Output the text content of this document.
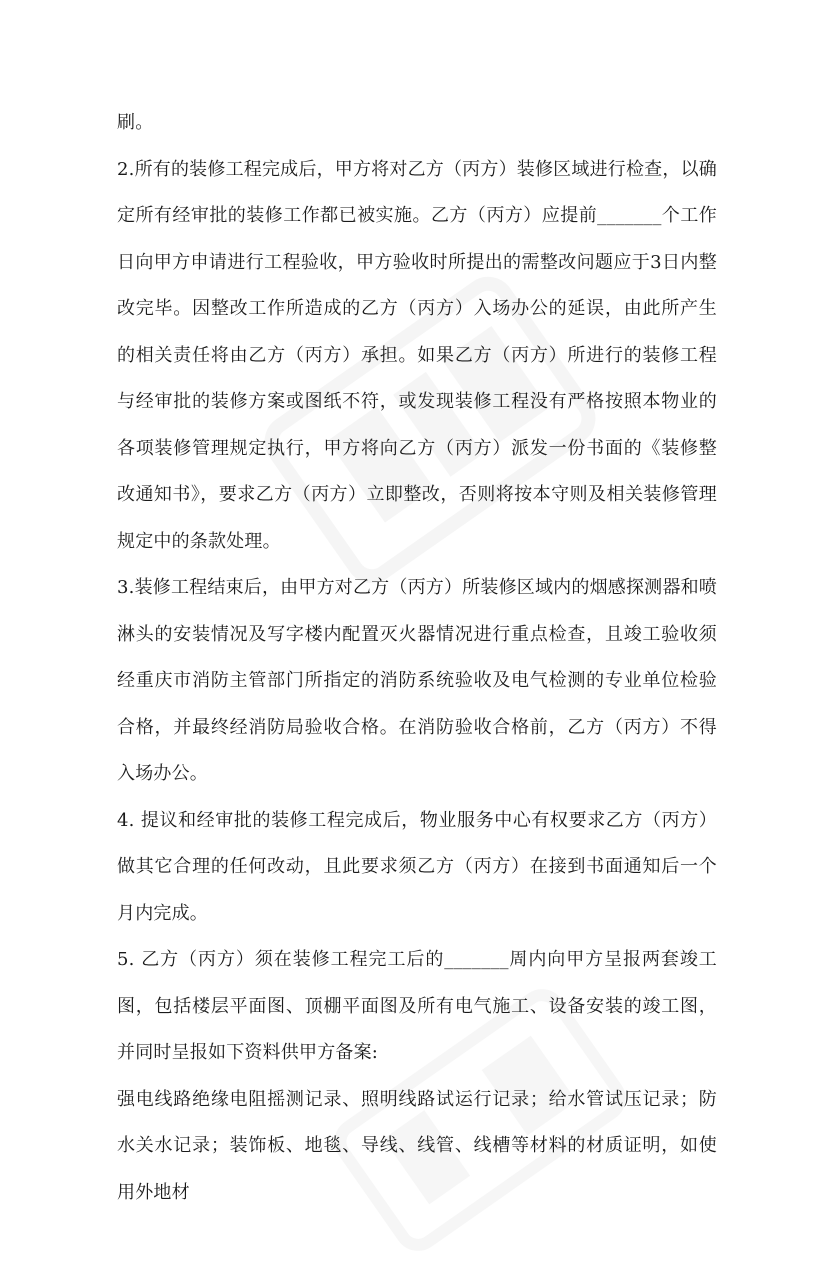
刷。

2.所有的装修工程完成后，甲方将对乙方（丙方）装修区域进行检查，以确定所有经审批的装修工作都已被实施。乙方（丙方）应提前_______个工作日向甲方申请进行工程验收，甲方验收时所提出的需整改问题应于3日内整改完毕。因整改工作所造成的乙方（丙方）入场办公的延误，由此所产生的相关责任将由乙方（丙方）承担。如果乙方（丙方）所进行的装修工程与经审批的装修方案或图纸不符，或发现装修工程没有严格按照本物业的各项装修管理规定执行，甲方将向乙方（丙方）派发一份书面的《装修整改通知书》，要求乙方（丙方）立即整改，否则将按本守则及相关装修管理规定中的条款处理。

3.装修工程结束后，由甲方对乙方（丙方）所装修区域内的烟感探测器和喷淋头的安装情况及写字楼内配置灭火器情况进行重点检查，且竣工验收须经重庆市消防主管部门所指定的消防系统验收及电气检测的专业单位检验合格，并最终经消防局验收合格。在消防验收合格前，乙方（丙方）不得入场办公。

4. 提议和经审批的装修工程完成后，物业服务中心有权要求乙方（丙方）做其它合理的任何改动，且此要求须乙方（丙方）在接到书面通知后一个月内完成。

5. 乙方（丙方）须在装修工程完工后的_______周内向甲方呈报两套竣工图，包括楼层平面图、顶棚平面图及所有电气施工、设备安装的竣工图，并同时呈报如下资料供甲方备案:

强电线路绝缘电阻摇测记录、照明线路试运行记录；给水管试压记录；防水关水记录；装饰板、地毯、导线、线管、线槽等材料的材质证明，如使用外地材
